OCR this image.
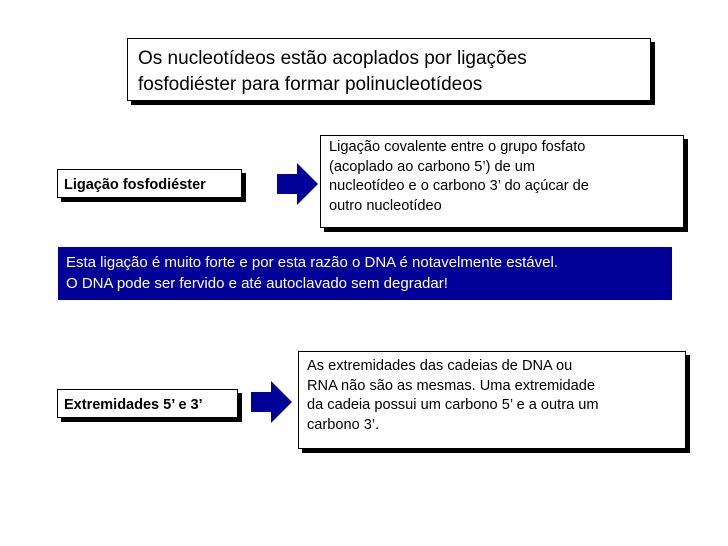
Os nucleotídeos estão acoplados por ligações

fosfodiéster para formar polinucleotídeos

Ligação fosfodiéster

Ligação covalente entre o grupo fosfato

(acoplado ao carbono 5’) de um

nucleotídeo e o carbono 3’ do açúcar de

outro nucleotídeo

Esta ligação é muito forte e por esta razão o DNA é notavelmente estável.

O DNA pode ser fervido e até autoclavado sem degradar!

Extremidades 5’ e 3’

As extremidades das cadeias de DNA ou

RNA não são as mesmas. Uma extremidade

da cadeia possui um carbono 5’ e a outra um

carbono 3’.
